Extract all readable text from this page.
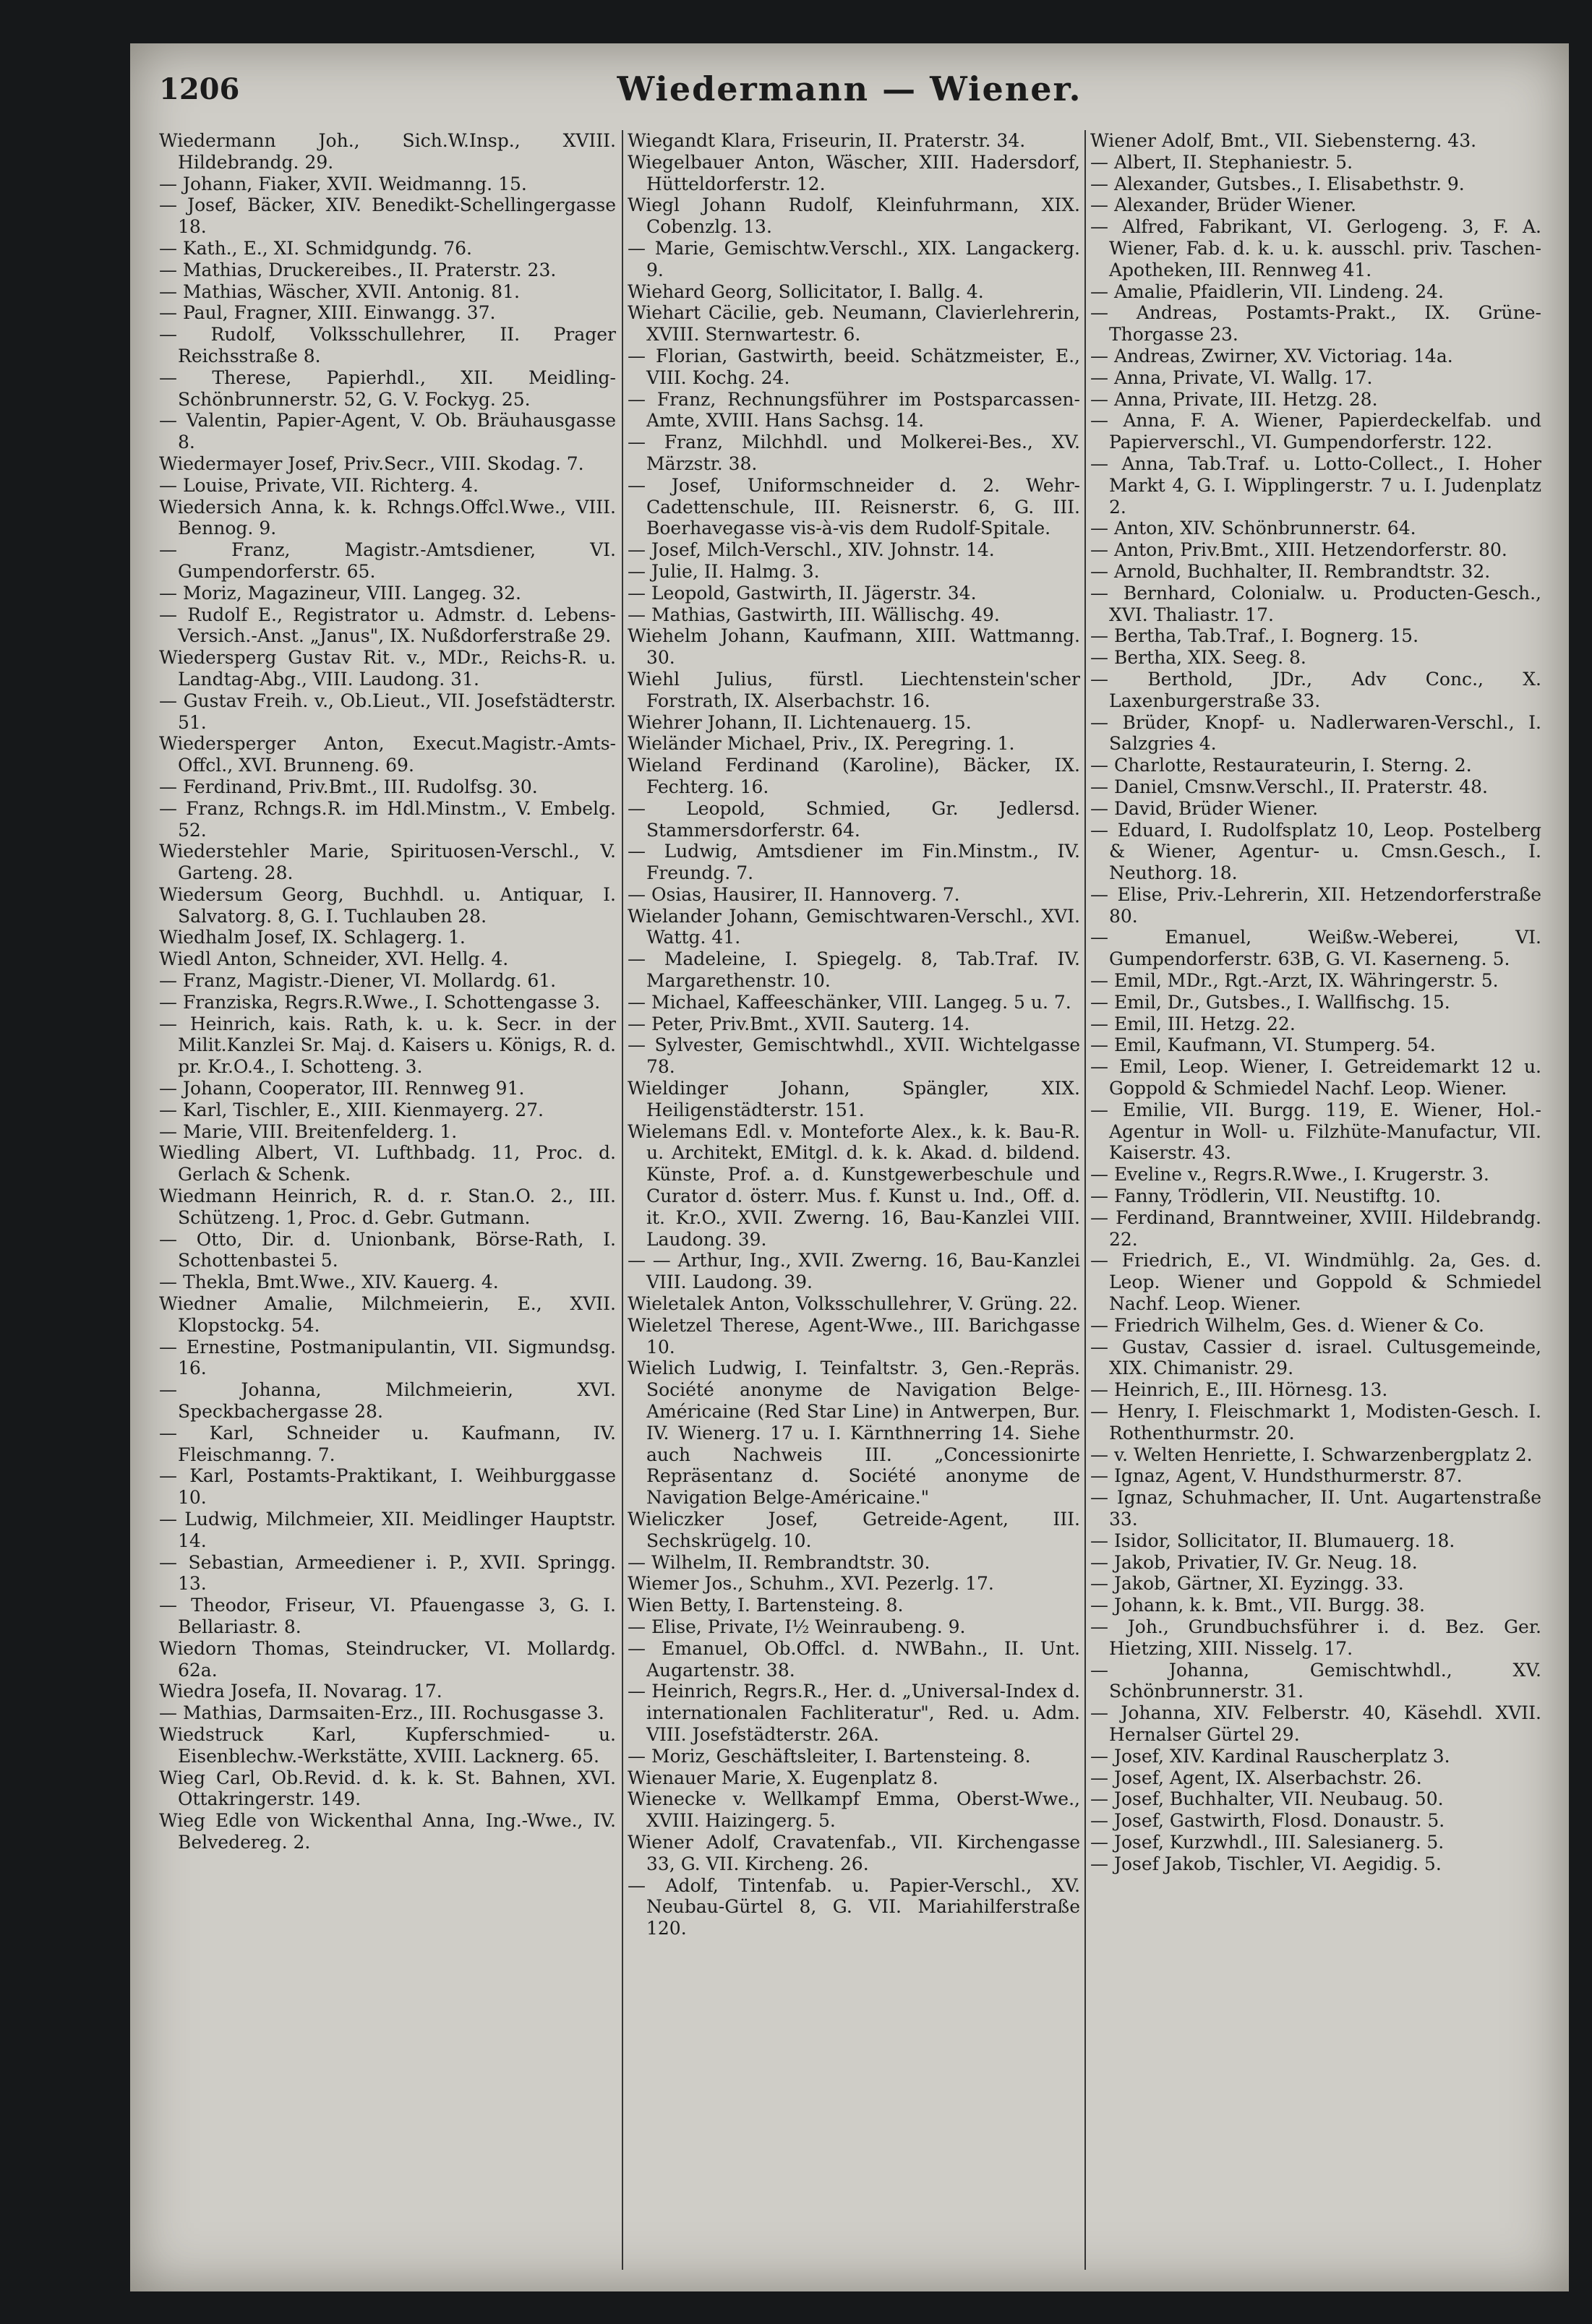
1206	Wiedermann — Wiener.

Wiedermann Joh., Sich.W.Insp., XVIII. Hildebrandg. 29.

— Johann, Fiaker, XVII. Weidmanng. 15.

— Josef, Bäcker, XIV. Benedikt-Schellingergasse 18.

— Kath., E., XI. Schmidgundg. 76.

— Mathias, Druckereibes., II. Praterstr. 23.

— Mathias, Wäscher, XVII. Antonig. 81.

— Paul, Fragner, XIII. Einwangg. 37.

— Rudolf, Volksschullehrer, II. Prager Reichsstraße 8.

— Therese, Papierhdl., XII. Meidling-Schönbrunnerstr. 52, G. V. Fockyg. 25.

— Valentin, Papier-Agent, V. Ob. Bräuhausgasse 8.

Wiedermayer Josef, Priv.Secr., VIII. Skodag. 7.

— Louise, Private, VII. Richterg. 4.

Wiedersich Anna, k. k. Rchngs.Offcl.Wwe., VIII. Bennog. 9.

— Franz, Magistr.-Amtsdiener, VI. Gumpendorferstr. 65.

— Moriz, Magazineur, VIII. Langeg. 32.

— Rudolf E., Registrator u. Admstr. d. Lebens-Versich.-Anst. „Janus", IX. Nußdorferstraße 29.

Wiedersperg Gustav Rit. v., MDr., Reichs-R. u. Landtag-Abg., VIII. Laudong. 31.

— Gustav Freih. v., Ob.Lieut., VII. Josefstädterstr. 51.

Wiedersperger Anton, Execut.Magistr.-Amts-Offcl., XVI. Brunneng. 69.

— Ferdinand, Priv.Bmt., III. Rudolfsg. 30.

— Franz, Rchngs.R. im Hdl.Minstm., V. Embelg. 52.

Wiederstehler Marie, Spirituosen-Verschl., V. Garteng. 28.

Wiedersum Georg, Buchhdl. u. Antiquar, I. Salvatorg. 8, G. I. Tuchlauben 28.

Wiedhalm Josef, IX. Schlagerg. 1.

Wiedl Anton, Schneider, XVI. Hellg. 4.

— Franz, Magistr.-Diener, VI. Mollardg. 61.

— Franziska, Regrs.R.Wwe., I. Schottengasse 3.

— Heinrich, kais. Rath, k. u. k. Secr. in der Milit.Kanzlei Sr. Maj. d. Kaisers u. Königs, R. d. pr. Kr.O.4., I. Schotteng. 3.

— Johann, Cooperator, III. Rennweg 91.

— Karl, Tischler, E., XIII. Kienmayerg. 27.

— Marie, VIII. Breitenfelderg. 1.

Wiedling Albert, VI. Lufthbadg. 11, Proc. d. Gerlach & Schenk.

Wiedmann Heinrich, R. d. r. Stan.O. 2., III. Schützeng. 1, Proc. d. Gebr. Gutmann.

— Otto, Dir. d. Unionbank, Börse-Rath, I. Schottenbastei 5.

— Thekla, Bmt.Wwe., XIV. Kauerg. 4.

Wiedner Amalie, Milchmeierin, E., XVII. Klopstockg. 54.

— Ernestine, Postmanipulantin, VII. Sigmundsg. 16.

— Johanna, Milchmeierin, XVI. Speckbachergasse 28.

— Karl, Schneider u. Kaufmann, IV. Fleischmanng. 7.

— Karl, Postamts-Praktikant, I. Weihburggasse 10.

— Ludwig, Milchmeier, XII. Meidlinger Hauptstr. 14.

— Sebastian, Armeediener i. P., XVII. Springg. 13.

— Theodor, Friseur, VI. Pfauengasse 3, G. I. Bellariastr. 8.

Wiedorn Thomas, Steindrucker, VI. Mollardg. 62a.

Wiedra Josefa, II. Novarag. 17.

— Mathias, Darmsaiten-Erz., III. Rochusgasse 3.

Wiedstruck Karl, Kupferschmied- u. Eisenblechw.-Werkstätte, XVIII. Lacknerg. 65.

Wieg Carl, Ob.Revid. d. k. k. St. Bahnen, XVI. Ottakringerstr. 149.

Wieg Edle von Wickenthal Anna, Ing.-Wwe., IV. Belvedereg. 2.

Wiegandt Klara, Friseurin, II. Praterstr. 34.

Wiegelbauer Anton, Wäscher, XIII. Hadersdorf, Hütteldorferstr. 12.

Wiegl Johann Rudolf, Kleinfuhrmann, XIX. Cobenzlg. 13.

— Marie, Gemischtw.Verschl., XIX. Langackerg. 9.

Wiehard Georg, Sollicitator, I. Ballg. 4.

Wiehart Cäcilie, geb. Neumann, Clavierlehrerin, XVIII. Sternwartestr. 6.

— Florian, Gastwirth, beeid. Schätzmeister, E., VIII. Kochg. 24.

— Franz, Rechnungsführer im Postsparcassen-Amte, XVIII. Hans Sachsg. 14.

— Franz, Milchhdl. und Molkerei-Bes., XV. Märzstr. 38.

— Josef, Uniformschneider d. 2. Wehr-Cadettenschule, III. Reisnerstr. 6, G. III. Boerhavegasse vis-à-vis dem Rudolf-Spitale.

— Josef, Milch-Verschl., XIV. Johnstr. 14.

— Julie, II. Halmg. 3.

— Leopold, Gastwirth, II. Jägerstr. 34.

— Mathias, Gastwirth, III. Wällischg. 49.

Wiehelm Johann, Kaufmann, XIII. Wattmanng. 30.

Wiehl Julius, fürstl. Liechtenstein'scher Forstrath, IX. Alserbachstr. 16.

Wiehrer Johann, II. Lichtenauerg. 15.

Wieländer Michael, Priv., IX. Peregring. 1.

Wieland Ferdinand (Karoline), Bäcker, IX. Fechterg. 16.

— Leopold, Schmied, Gr. Jedlersd. Stammersdorferstr. 64.

— Ludwig, Amtsdiener im Fin.Minstm., IV. Freundg. 7.

— Osias, Hausirer, II. Hannoverg. 7.

Wielander Johann, Gemischtwaren-Verschl., XVI. Wattg. 41.

— Madeleine, I. Spiegelg. 8, Tab.Traf. IV. Margarethenstr. 10.

— Michael, Kaffeeschänker, VIII. Langeg. 5 u. 7.

— Peter, Priv.Bmt., XVII. Sauterg. 14.

— Sylvester, Gemischtwhdl., XVII. Wichtelgasse 78.

Wieldinger Johann, Spängler, XIX. Heiligenstädterstr. 151.

Wielemans Edl. v. Monteforte Alex., k. k. Bau-R. u. Architekt, EMitgl. d. k. k. Akad. d. bildend. Künste, Prof. a. d. Kunstgewerbeschule und Curator d. österr. Mus. f. Kunst u. Ind., Off. d. it. Kr.O., XVII. Zwerng. 16, Bau-Kanzlei VIII. Laudong. 39.

— — Arthur, Ing., XVII. Zwerng. 16, Bau-Kanzlei VIII. Laudong. 39.

Wieletalek Anton, Volksschullehrer, V. Grüng. 22.

Wieletzel Therese, Agent-Wwe., III. Barichgasse 10.

Wielich Ludwig, I. Teinfaltstr. 3, Gen.-Repräs. Société anonyme de Navigation Belge-Américaine (Red Star Line) in Antwerpen, Bur. IV. Wienerg. 17 u. I. Kärnthnerring 14. Siehe auch Nachweis III. „Concessionirte Repräsentanz d. Société anonyme de Navigation Belge-Américaine."

Wieliczker Josef, Getreide-Agent, III. Sechskrügelg. 10.

— Wilhelm, II. Rembrandtstr. 30.

Wiemer Jos., Schuhm., XVI. Pezerlg. 17.

Wien Betty, I. Bartensteing. 8.

— Elise, Private, I½ Weinraubeng. 9.

— Emanuel, Ob.Offcl. d. NWBahn., II. Unt. Augartenstr. 38.

— Heinrich, Regrs.R., Her. d. „Universal-Index d. internationalen Fachliteratur", Red. u. Adm. VIII. Josefstädterstr. 26A.

— Moriz, Geschäftsleiter, I. Bartensteing. 8.

Wienauer Marie, X. Eugenplatz 8.

Wienecke v. Wellkampf Emma, Oberst-Wwe., XVIII. Haizingerg. 5.

Wiener Adolf, Cravatenfab., VII. Kirchengasse 33, G. VII. Kircheng. 26.

— Adolf, Tintenfab. u. Papier-Verschl., XV. Neubau-Gürtel 8, G. VII. Mariahilferstraße 120.

Wiener Adolf, Bmt., VII. Siebensterng. 43.

— Albert, II. Stephaniestr. 5.

— Alexander, Gutsbes., I. Elisabethstr. 9.

— Alexander, Brüder Wiener.

— Alfred, Fabrikant, VI. Gerlogeng. 3, F. A. Wiener, Fab. d. k. u. k. ausschl. priv. Taschen-Apotheken, III. Rennweg 41.

— Amalie, Pfaidlerin, VII. Lindeng. 24.

— Andreas, Postamts-Prakt., IX. Grüne-Thorgasse 23.

— Andreas, Zwirner, XV. Victoriag. 14a.

— Anna, Private, VI. Wallg. 17.

— Anna, Private, III. Hetzg. 28.

— Anna, F. A. Wiener, Papierdeckelfab. und Papierverschl., VI. Gumpendorferstr. 122.

— Anna, Tab.Traf. u. Lotto-Collect., I. Hoher Markt 4, G. I. Wipplingerstr. 7 u. I. Judenplatz 2.

— Anton, XIV. Schönbrunnerstr. 64.

— Anton, Priv.Bmt., XIII. Hetzendorferstr. 80.

— Arnold, Buchhalter, II. Rembrandtstr. 32.

— Bernhard, Colonialw. u. Producten-Gesch., XVI. Thaliastr. 17.

— Bertha, Tab.Traf., I. Bognerg. 15.

— Bertha, XIX. Seeg. 8.

— Berthold, JDr., Adv Conc., X. Laxenburgerstraße 33.

— Brüder, Knopf- u. Nadlerwaren-Verschl., I. Salzgries 4.

— Charlotte, Restaurateurin, I. Sterng. 2.

— Daniel, Cmsnw.Verschl., II. Praterstr. 48.

— David, Brüder Wiener.

— Eduard, I. Rudolfsplatz 10, Leop. Postelberg & Wiener, Agentur- u. Cmsn.Gesch., I. Neuthorg. 18.

— Elise, Priv.-Lehrerin, XII. Hetzendorferstraße 80.

— Emanuel, Weißw.-Weberei, VI. Gumpendorferstr. 63B, G. VI. Kaserneng. 5.

— Emil, MDr., Rgt.-Arzt, IX. Währingerstr. 5.

— Emil, Dr., Gutsbes., I. Wallfischg. 15.

— Emil, III. Hetzg. 22.

— Emil, Kaufmann, VI. Stumperg. 54.

— Emil, Leop. Wiener, I. Getreidemarkt 12 u. Goppold & Schmiedel Nachf. Leop. Wiener.

— Emilie, VII. Burgg. 119, E. Wiener, Hol.-Agentur in Woll- u. Filzhüte-Manufactur, VII. Kaiserstr. 43.

— Eveline v., Regrs.R.Wwe., I. Krugerstr. 3.

— Fanny, Trödlerin, VII. Neustiftg. 10.

— Ferdinand, Branntweiner, XVIII. Hildebrandg. 22.

— Friedrich, E., VI. Windmühlg. 2a, Ges. d. Leop. Wiener und Goppold & Schmiedel Nachf. Leop. Wiener.

— Friedrich Wilhelm, Ges. d. Wiener & Co.

— Gustav, Cassier d. israel. Cultusgemeinde, XIX. Chimanistr. 29.

— Heinrich, E., III. Hörnesg. 13.

— Henry, I. Fleischmarkt 1, Modisten-Gesch. I. Rothenthurmstr. 20.

— v. Welten Henriette, I. Schwarzenbergplatz 2.

— Ignaz, Agent, V. Hundsthurmerstr. 87.

— Ignaz, Schuhmacher, II. Unt. Augartenstraße 33.

— Isidor, Sollicitator, II. Blumauerg. 18.

— Jakob, Privatier, IV. Gr. Neug. 18.

— Jakob, Gärtner, XI. Eyzingg. 33.

— Johann, k. k. Bmt., VII. Burgg. 38.

— Joh., Grundbuchsführer i. d. Bez. Ger. Hietzing, XIII. Nisselg. 17.

— Johanna, Gemischtwhdl., XV. Schönbrunnerstr. 31.

— Johanna, XIV. Felberstr. 40, Käsehdl. XVII. Hernalser Gürtel 29.

— Josef, XIV. Kardinal Rauscherplatz 3.

— Josef, Agent, IX. Alserbachstr. 26.

— Josef, Buchhalter, VII. Neubaug. 50.

— Josef, Gastwirth, Flosd. Donaustr. 5.

— Josef, Kurzwhdl., III. Salesianerg. 5.

— Josef Jakob, Tischler, VI. Aegidig. 5.
